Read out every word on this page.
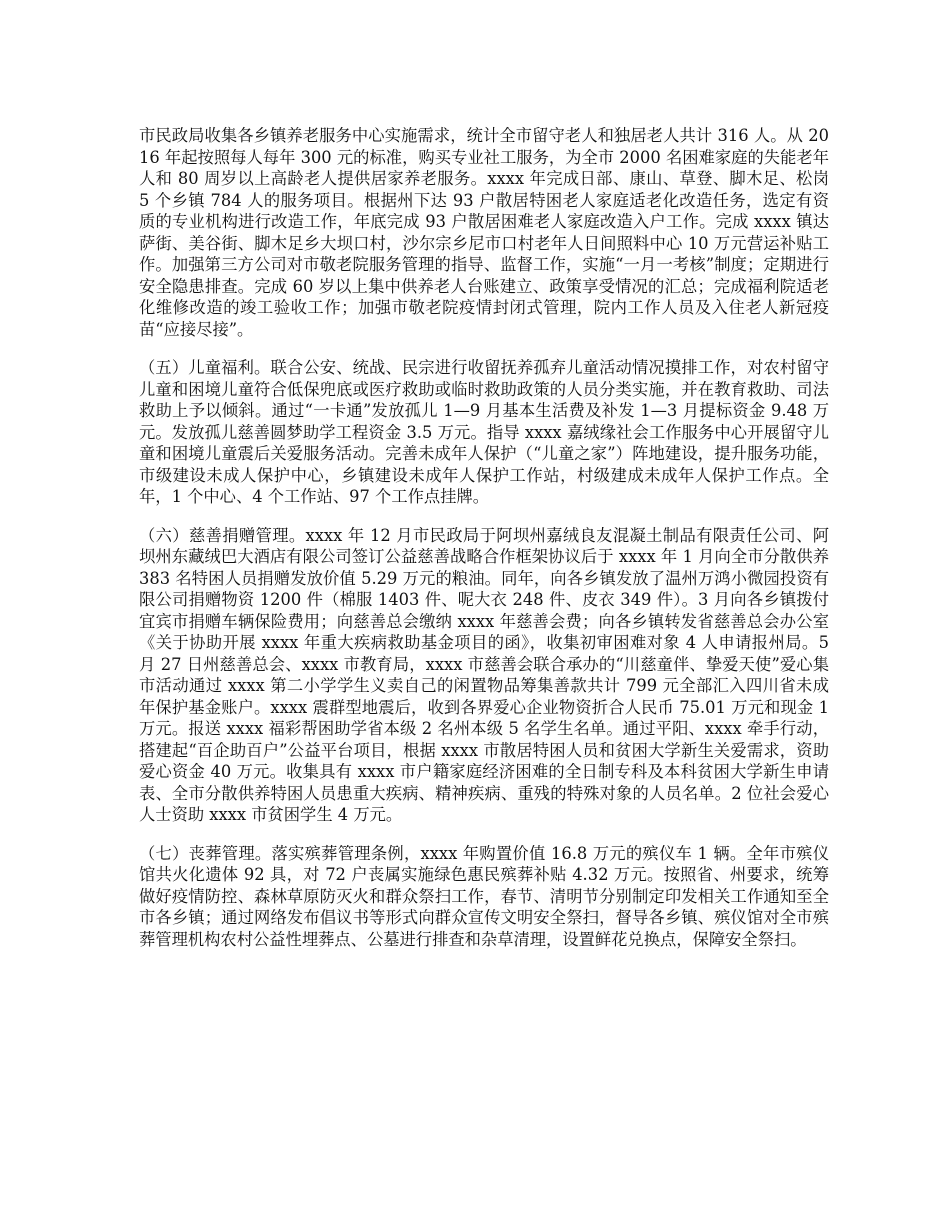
市民政局收集各乡镇养老服务中心实施需求，统计全市留守老人和独居老人共计 316 人。从 2016 年起按照每人每年 300 元的标准，购买专业社工服务，为全市 2000 名困难家庭的失能老年人和 80 周岁以上高龄老人提供居家养老服务。xxxx 年完成日部、康山、草登、脚木足、松岗 5 个乡镇 784 人的服务项目。根据州下达 93 户散居特困老人家庭适老化改造任务，选定有资质的专业机构进行改造工作，年底完成 93 户散居困难老人家庭改造入户工作。完成 xxxx 镇达萨街、美谷街、脚木足乡大坝口村，沙尔宗乡尼市口村老年人日间照料中心 10 万元营运补贴工作。加强第三方公司对市敬老院服务管理的指导、监督工作，实施“一月一考核”制度；定期进行安全隐患排查。完成 60 岁以上集中供养老人台账建立、政策享受情况的汇总；完成福利院适老化维修改造的竣工验收工作；加强市敬老院疫情封闭式管理，院内工作人员及入住老人新冠疫苗“应接尽接”。

（五）儿童福利。联合公安、统战、民宗进行收留抚养孤弃儿童活动情况摸排工作，对农村留守儿童和困境儿童符合低保兜底或医疗救助或临时救助政策的人员分类实施，并在教育救助、司法救助上予以倾斜。通过“一卡通”发放孤儿 1—9 月基本生活费及补发 1—3 月提标资金 9.48 万元。发放孤儿慈善圆梦助学工程资金 3.5 万元。指导 xxxx 嘉绒缘社会工作服务中心开展留守儿童和困境儿童震后关爱服务活动。完善未成年人保护（“儿童之家”）阵地建设，提升服务功能，市级建设未成人保护中心，乡镇建设未成年人保护工作站，村级建成未成年人保护工作点。全年，1 个中心、4 个工作站、97 个工作点挂牌。

（六）慈善捐赠管理。xxxx 年 12 月市民政局于阿坝州嘉绒良友混凝土制品有限责任公司、阿坝州东藏绒巴大酒店有限公司签订公益慈善战略合作框架协议后于 xxxx 年 1 月向全市分散供养 383 名特困人员捐赠发放价值 5.29 万元的粮油。同年，向各乡镇发放了温州万鸿小微园投资有限公司捐赠物资 1200 件（棉服 1403 件、呢大衣 248 件、皮衣 349 件）。3 月向各乡镇拨付宜宾市捐赠车辆保险费用；向慈善总会缴纳 xxxx 年慈善会费；向各乡镇转发省慈善总会办公室《关于协助开展 xxxx 年重大疾病救助基金项目的函》，收集初审困难对象 4 人申请报州局。5 月 27 日州慈善总会、xxxx 市教育局，xxxx 市慈善会联合承办的“川慈童伴、挚爱天使”爱心集市活动通过 xxxx 第二小学学生义卖自己的闲置物品筹集善款共计 799 元全部汇入四川省未成年保护基金账户。xxxx 震群型地震后，收到各界爱心企业物资折合人民币 75.01 万元和现金 1 万元。报送 xxxx 福彩帮困助学省本级 2 名州本级 5 名学生名单。通过平阳、xxxx 牵手行动，搭建起“百企助百户”公益平台项目，根据 xxxx 市散居特困人员和贫困大学新生关爱需求，资助爱心资金 40 万元。收集具有 xxxx 市户籍家庭经济困难的全日制专科及本科贫困大学新生申请表、全市分散供养特困人员患重大疾病、精神疾病、重残的特殊对象的人员名单。2 位社会爱心人士资助 xxxx 市贫困学生 4 万元。

（七）丧葬管理。落实殡葬管理条例，xxxx 年购置价值 16.8 万元的殡仪车 1 辆。全年市殡仪馆共火化遗体 92 具，对 72 户丧属实施绿色惠民殡葬补贴 4.32 万元。按照省、州要求，统筹做好疫情防控、森林草原防灭火和群众祭扫工作，春节、清明节分别制定印发相关工作通知至全市各乡镇；通过网络发布倡议书等形式向群众宣传文明安全祭扫，督导各乡镇、殡仪馆对全市殡葬管理机构农村公益性埋葬点、公墓进行排查和杂草清理，设置鲜花兑换点，保障安全祭扫。
